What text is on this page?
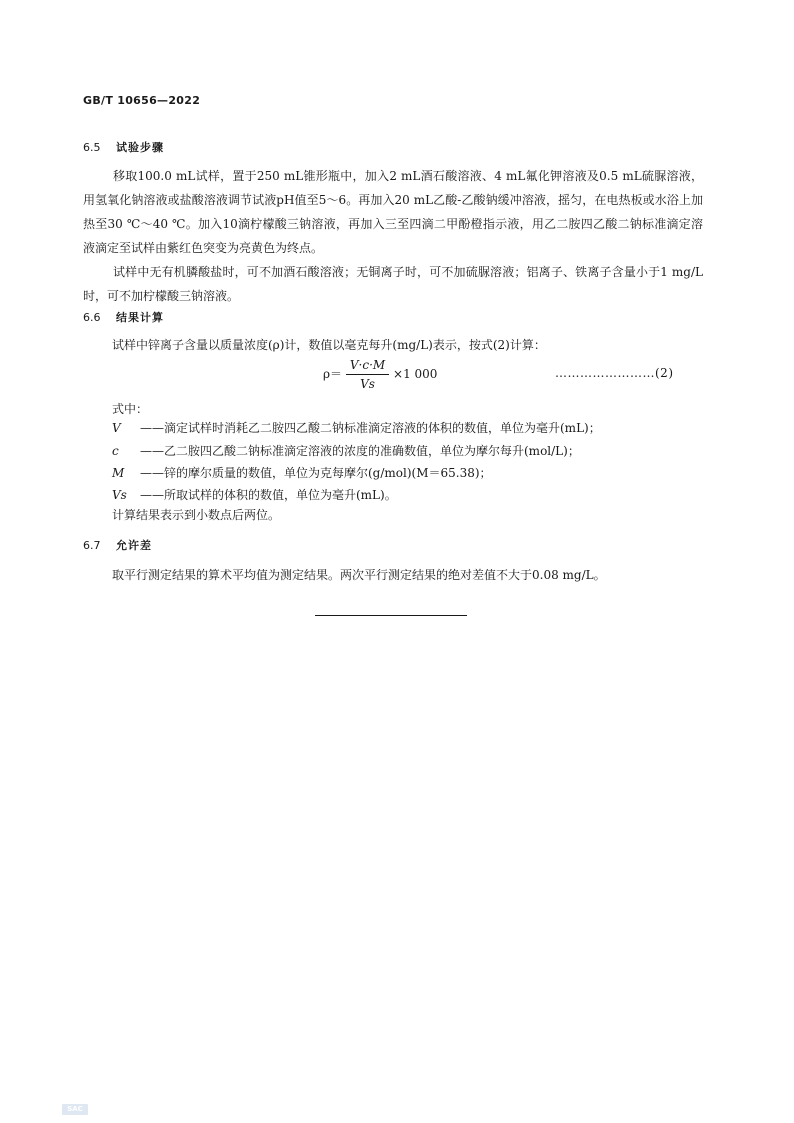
GB/T 10656—2022
6.5 试验步骤

移取100.0 mL试样，置于250 mL锥形瓶中，加入2 mL酒石酸溶液、4 mL氟化钾溶液及0.5 mL硫脲溶液，用氢氧化钠溶液或盐酸溶液调节试液pH值至5～6。再加入20 mL乙酸-乙酸钠缓冲溶液，摇匀，在电热板或水浴上加热至30 ℃～40 ℃。加入10滴柠檬酸三钠溶液，再加入三至四滴二甲酚橙指示液，用乙二胺四乙酸二钠标准滴定溶液滴定至试样由紫红色突变为亮黄色为终点。

试样中无有机膦酸盐时，可不加酒石酸溶液；无铜离子时，可不加硫脲溶液；铝离子、铁离子含量小于1 mg/L时，可不加柠檬酸三钠溶液。

6.6 结果计算
试样中锌离子含量以质量浓度(ρ)计，数值以毫克每升(mg/L)表示，按式(2)计算：
$\rho= \frac{V\cdot c\cdot M}{Vs} \times 1$ 000	……………………(2)
式中：
V ——滴定试样时消耗乙二胺四乙酸二钠标准滴定溶液的体积的数值，单位为毫升(mL)；
c ——乙二胺四乙酸二钠标准滴定溶液的浓度的准确数值，单位为摩尔每升(mol/L)；
M ——锌的摩尔质量的数值，单位为克每摩尔(g/mol)(M＝65.38)；
Vs ——所取试样的体积的数值，单位为毫升(mL)。
计算结果表示到小数点后两位。
6.7 允许差
取平行测定结果的算术平均值为测定结果。两次平行测定结果的绝对差值不大于0.08 mg/L。
SAC
